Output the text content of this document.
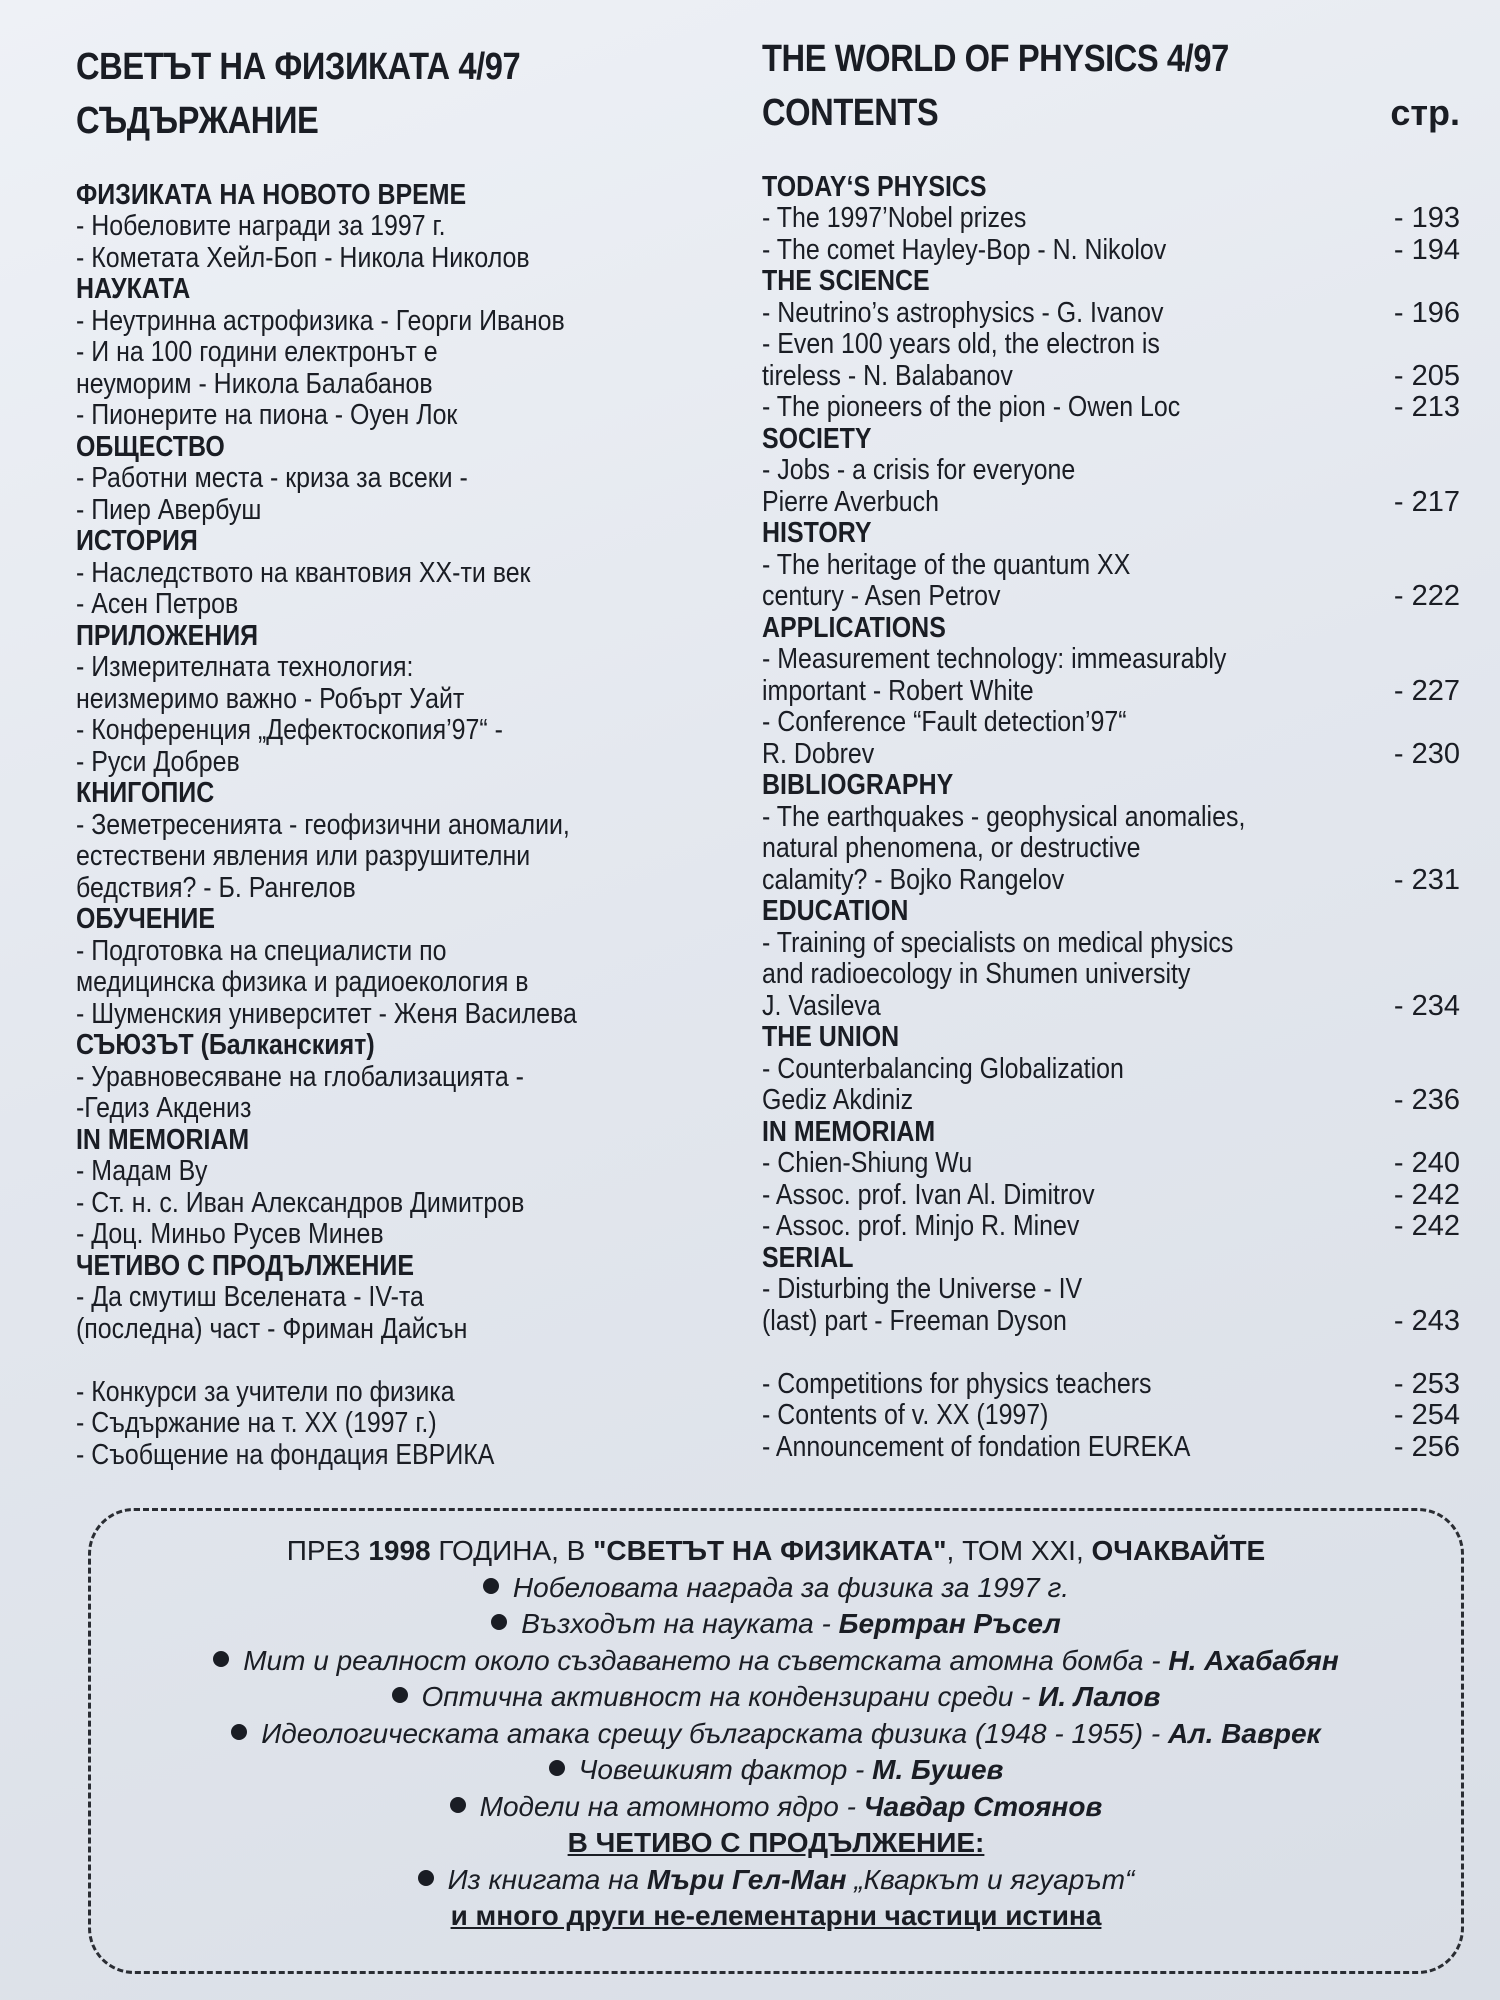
СВЕТЪТ НА ФИЗИКАТА 4/97
СЪДЪРЖАНИЕ
ФИЗИКАТА НА НОВОТО ВРЕМЕ
- Нобеловите награди за 1997 г.
- Кометата Хейл-Боп - Никола Николов
НАУКАТА
- Неутринна астрофизика - Георги Иванов
- И на 100 години електронът е
неуморим - Никола Балабанов
- Пионерите на пиона - Оуен Лок
ОБЩЕСТВО
- Работни места - криза за всеки -
- Пиер Авербуш
ИСТОРИЯ
- Наследството на квантовия XX-ти век
- Асен Петров
ПРИЛОЖЕНИЯ
- Измерителната технология:
неизмеримо важно - Робърт Уайт
- Конференция „Дефектоскопия’97“ -
- Руси Добрев
КНИГОПИС
- Земетресенията - геофизични аномалии,
естествени явления или разрушителни
бедствия? - Б. Рангелов
ОБУЧЕНИЕ
- Подготовка на специалисти по
медицинска физика и радиоекология в
- Шуменския университет - Женя Василева
СЪЮЗЪТ (Балканският)
- Уравновесяване на глобализацията -
-Гедиз Акдениз
IN MEMORIAM
- Мадам Ву
- Ст. н. с. Иван Александров Димитров
- Доц. Миньо Русев Минев
ЧЕТИВО С ПРОДЪЛЖЕНИЕ
- Да смутиш Вселената - IV-та
(последна) част - Фриман Дайсън
- Конкурси за учители по физика
- Съдържание на т. XX (1997 г.)
- Съобщение на фондация ЕВРИКА
THE WORLD OF PHYSICS 4/97
CONTENTS
TODAY‘S PHYSICS
- The 1997’Nobel prizes
- The comet Hayley-Bop - N. Nikolov
THE SCIENCE
- Neutrino’s astrophysics - G. Ivanov
- Even 100 years old, the electron is
tireless - N. Balabanov
- The pioneers of the pion - Owen Loc
SOCIETY
- Jobs - a crisis for everyone
Pierre Averbuch
HISTORY
- The heritage of the quantum XX
century - Asen Petrov
APPLICATIONS
- Measurement technology: immeasurably
important - Robert White
- Conference “Fault detection’97“
R. Dobrev
BIBLIOGRAPHY
- The earthquakes - geophysical anomalies,
natural phenomena, or destructive
calamity? - Bojko Rangelov
EDUCATION
- Training of specialists on medical physics
and radioecology in Shumen university
J. Vasileva
THE UNION
- Counterbalancing Globalization
Gediz Akdiniz
IN MEMORIAM
- Chien-Shiung Wu
- Assoc. prof. Ivan Al. Dimitrov
- Assoc. prof. Minjo R. Minev
SERIAL
- Disturbing the Universe - IV
(last) part - Freeman Dyson
- Competitions for physics teachers
- Contents of v. XX (1997)
- Announcement of fondation EUREKA
стр.
- 193
- 194
- 196
- 205
- 213
- 217
- 222
- 227
- 230
- 231
- 234
- 236
- 240
- 242
- 242
- 243
- 253
- 254
- 256
ПРЕЗ 1998 ГОДИНА, В "СВЕТЪТ НА ФИЗИКАТА", ТОМ XXI, ОЧАКВАЙТЕ
Нобеловата награда за физика за 1997 г.
Възходът на науката - Бертран Ръсел
Мит и реалност около създаването на съветската атомна бомба - Н. Ахабабян
Оптична активност на кондензирани среди - И. Лалов
Идеологическата атака срещу българската физика (1948 - 1955) - Ал. Ваврек
Човешкият фактор - М. Бушев
Модели на атомното ядро - Чавдар Стоянов
В ЧЕТИВО С ПРОДЪЛЖЕНИЕ:
Из книгата на Мъри Гел-Ман „Кваркът и ягуарът“
и много други не-елементарни частици истина
